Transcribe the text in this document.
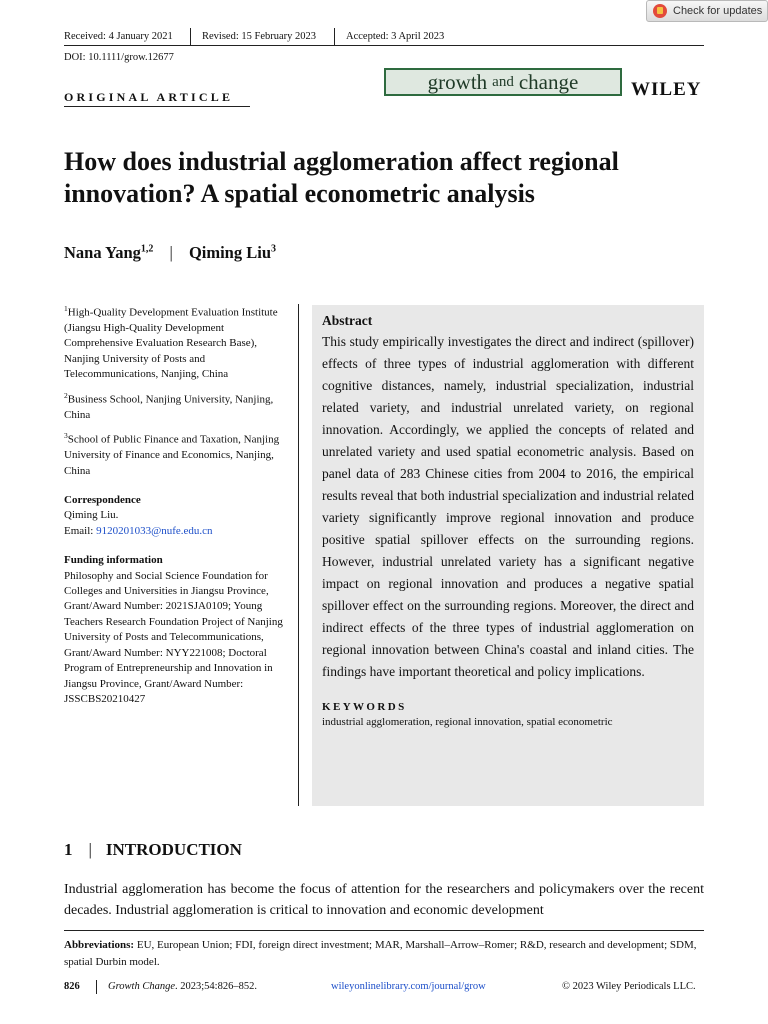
Check for updates
Received: 4 January 2021	Revised: 15 February 2023	Accepted: 3 April 2023
DOI: 10.1111/grow.12677
ORIGINAL ARTICLE
growth and change	WILEY
How does industrial agglomeration affect regional
innovation? A spatial econometric analysis
Nana Yang$^{1,2}$ | Qiming Liu$^3$

$^1$High-Quality Development Evaluation Institute (Jiangsu High-Quality Development Comprehensive Evaluation Research Base), Nanjing University of Posts and Telecommunications, Nanjing, China

$^2$Business School, Nanjing University, Nanjing, China

$^3$School of Public Finance and Taxation, Nanjing University of Finance and Economics, Nanjing, China

Correspondence

Qiming Liu.

Email: 9120201033@nufe.edu.cn

Funding information

Philosophy and Social Science Foundation for Colleges and Universities in Jiangsu Province, Grant/Award Number: 2021SJA0109; Young Teachers Research Foundation Project of Nanjing University of Posts and Telecommunications, Grant/Award Number: NYY221008; Doctoral Program of Entrepreneurship and Innovation in Jiangsu Province, Grant/Award Number: JSSCBS20210427

Abstract
This study empirically investigates the direct and indirect (spillover) effects of three types of industrial agglomeration with different cognitive distances, namely, industrial specialization, industrial related variety, and industrial unrelated variety, on regional innovation. Accordingly, we applied the concepts of related and unrelated variety and used spatial econometric analysis. Based on panel data of 283 Chinese cities from 2004 to 2016, the empirical results reveal that both industrial specialization and industrial related variety significantly improve regional innovation and produce positive spatial spillover effects on the surrounding regions. However, industrial unrelated variety has a significant negative impact on regional innovation and produces a negative spatial spillover effect on the surrounding regions. Moreover, the direct and indirect effects of the three types of industrial agglomeration on regional innovation between China's coastal and inland cities. The findings have important theoretical and policy implications.
KEYWORDS
industrial agglomeration, regional innovation, spatial econometric
1 | INTRODUCTION
Industrial agglomeration has become the focus of attention for the researchers and policymakers over the recent decades. Industrial agglomeration is critical to innovation and economic development
Abbreviations: EU, European Union; FDI, foreign direct investment; MAR, Marshall–Arrow–Romer; R&D, research and development; SDM, spatial Durbin model.
826	Growth Change. 2023;54:826–852.	wileyonlinelibrary.com/journal/grow	© 2023 Wiley Periodicals LLC.
